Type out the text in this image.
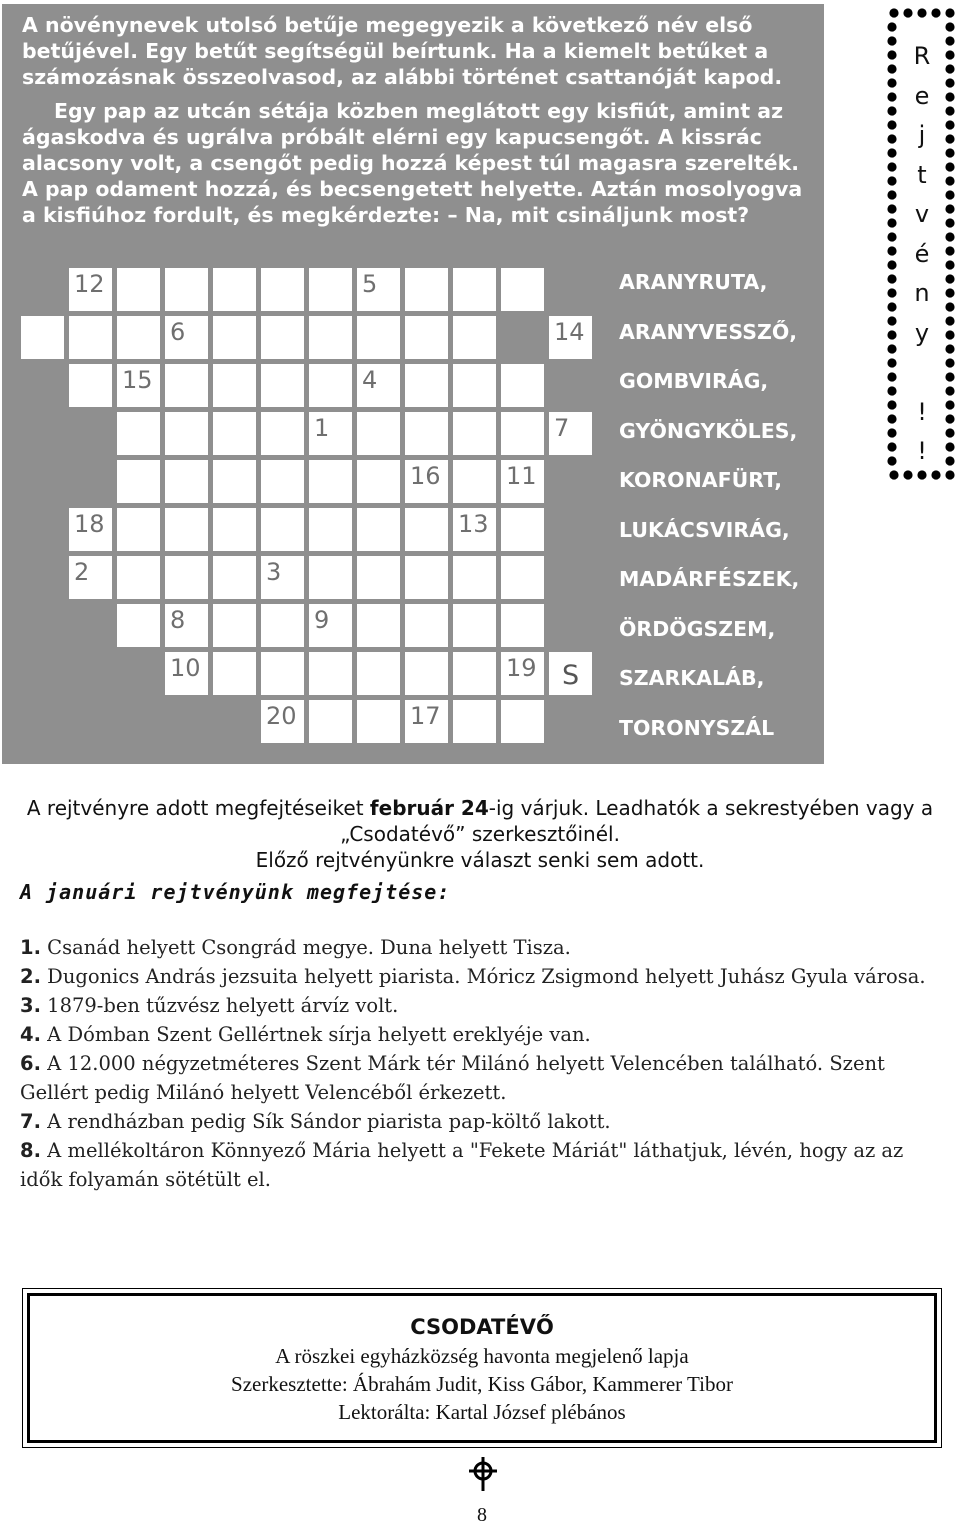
A növénynevek utolsó betűje megegyezik a következő név első betűjével. Egy betűt segítségül beírtunk. Ha a kiemelt betűket a számozásnak összeolvasod, az alábbi történet csattanóját kapod.

Egy pap az utcán sétája közben meglátott egy kisfiút, amint az ágaskodva és ugrálva próbált elérni egy kapucsengőt. A kissrác alacsony volt, a csengőt pedig hozzá képest túl magasra szerelték. A pap odament hozzá, és becsengetett helyette. Aztán mosolyogva a kisfiúhoz fordult, és megkérdezte: – Na, mit csináljunk most?

12	5
6	14
15	4
1	7
16	11
18	13
2	3
8	9
10	19 S
20	17
ARANYRUTA,
ARANYVESSZŐ,
GOMBVIRÁG,
GYÖNGYKÖLES,
KORONAFÜRT,
LUKÁCSVIRÁG,
MADÁRFÉSZEK,
ÖRDÖGSZEM,
SZARKALÁB,
TORONYSZÁL
R
e
j
t
v
é
n
y

!
!

A rejtvényre adott megfejtéseiket február 24-ig várjuk. Leadhatók a sekrestyében vagy a „Csodatévő” szerkesztőinél.

Előző rejtvényünkre választ senki sem adott.

A januári rejtvényünk megfejtése:

1. Csanád helyett Csongrád megye. Duna helyett Tisza.

2. Dugonics András jezsuita helyett piarista. Móricz Zsigmond helyett Juhász Gyula városa.

3. 1879-ben tűzvész helyett árvíz volt.

4. A Dómban Szent Gellértnek sírja helyett ereklyéje van.

6. A 12.000 négyzetméteres Szent Márk tér Milánó helyett Velencében található. Szent Gellért pedig Milánó helyett Velencéből érkezett.

7. A rendházban pedig Sík Sándor piarista pap-költő lakott.

8. A mellékoltáron Könnyező Mária helyett a "Fekete Máriát" láthatjuk, lévén, hogy az az idők folyamán sötétült el.

CSODATÉVŐ
A röszkei egyházközség havonta megjelenő lapja
Szerkesztette: Ábrahám Judit, Kiss Gábor, Kammerer Tibor
Lektorálta: Kartal József plébános
8
